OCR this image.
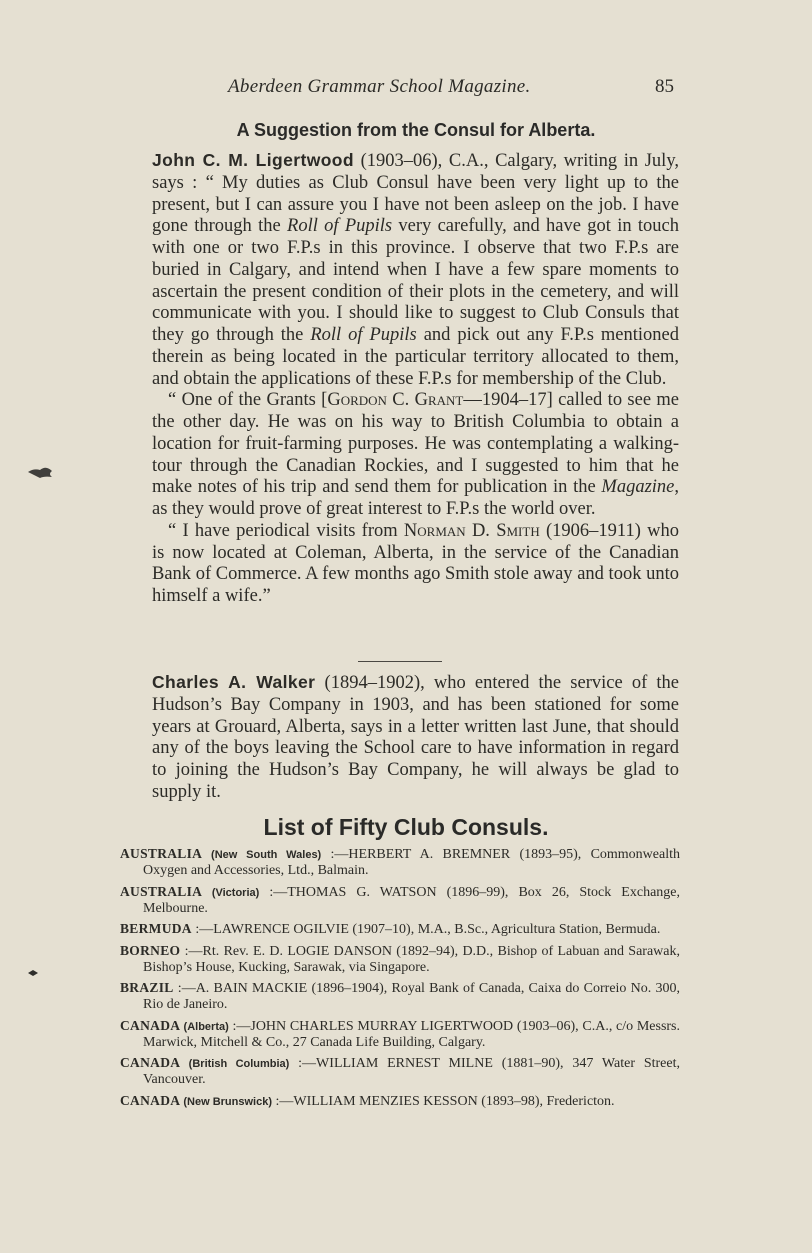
Aberdeen Grammar School Magazine.	85
A Suggestion from the Consul for Alberta.

John C. M. Ligertwood (1903–06), C.A., Calgary, writing in July, says : “ My duties as Club Consul have been very light up to the present, but I can assure you I have not been asleep on the job. I have gone through the Roll of Pupils very carefully, and have got in touch with one or two F.P.s in this province. I observe that two F.P.s are buried in Calgary, and intend when I have a few spare moments to ascertain the present condition of their plots in the cemetery, and will communicate with you. I should like to suggest to Club Consuls that they go through the Roll of Pupils and pick out any F.P.s mentioned therein as being located in the particular territory allocated to them, and obtain the applications of these F.P.s for membership of the Club.

“ One of the Grants [Gordon C. Grant—1904–17] called to see me the other day. He was on his way to British Columbia to obtain a location for fruit-farming purposes. He was contemplating a walking-tour through the Canadian Rockies, and I suggested to him that he make notes of his trip and send them for publication in the Magazine, as they would prove of great interest to F.P.s the world over.

“ I have periodical visits from Norman D. Smith (1906–1911) who is now located at Coleman, Alberta, in the service of the Canadian Bank of Commerce. A few months ago Smith stole away and took unto himself a wife.”

Charles A. Walker (1894–1902), who entered the service of the Hudson’s Bay Company in 1903, and has been stationed for some years at Grouard, Alberta, says in a letter written last June, that should any of the boys leaving the School care to have information in regard to joining the Hudson’s Bay Company, he will always be glad to supply it.

List of Fifty Club Consuls.

AUSTRALIA (New South Wales) :—HERBERT A. BREMNER (1893–95), Commonwealth Oxygen and Accessories, Ltd., Balmain.

AUSTRALIA (Victoria) :—THOMAS G. WATSON (1896–99), Box 26, Stock Exchange, Melbourne.

BERMUDA :—LAWRENCE OGILVIE (1907–10), M.A., B.Sc., Agricultura Station, Bermuda.

BORNEO :—Rt. Rev. E. D. LOGIE DANSON (1892–94), D.D., Bishop of Labuan and Sarawak, Bishop’s House, Kucking, Sarawak, via Singapore.

BRAZIL :—A. BAIN MACKIE (1896–1904), Royal Bank of Canada, Caixa do Correio No. 300, Rio de Janeiro.

CANADA (Alberta) :—JOHN CHARLES MURRAY LIGERTWOOD (1903–06), C.A., c/o Messrs. Marwick, Mitchell & Co., 27 Canada Life Building, Calgary.

CANADA (British Columbia) :—WILLIAM ERNEST MILNE (1881–90), 347 Water Street, Vancouver.

CANADA (New Brunswick) :—WILLIAM MENZIES KESSON (1893–98), Fredericton.
